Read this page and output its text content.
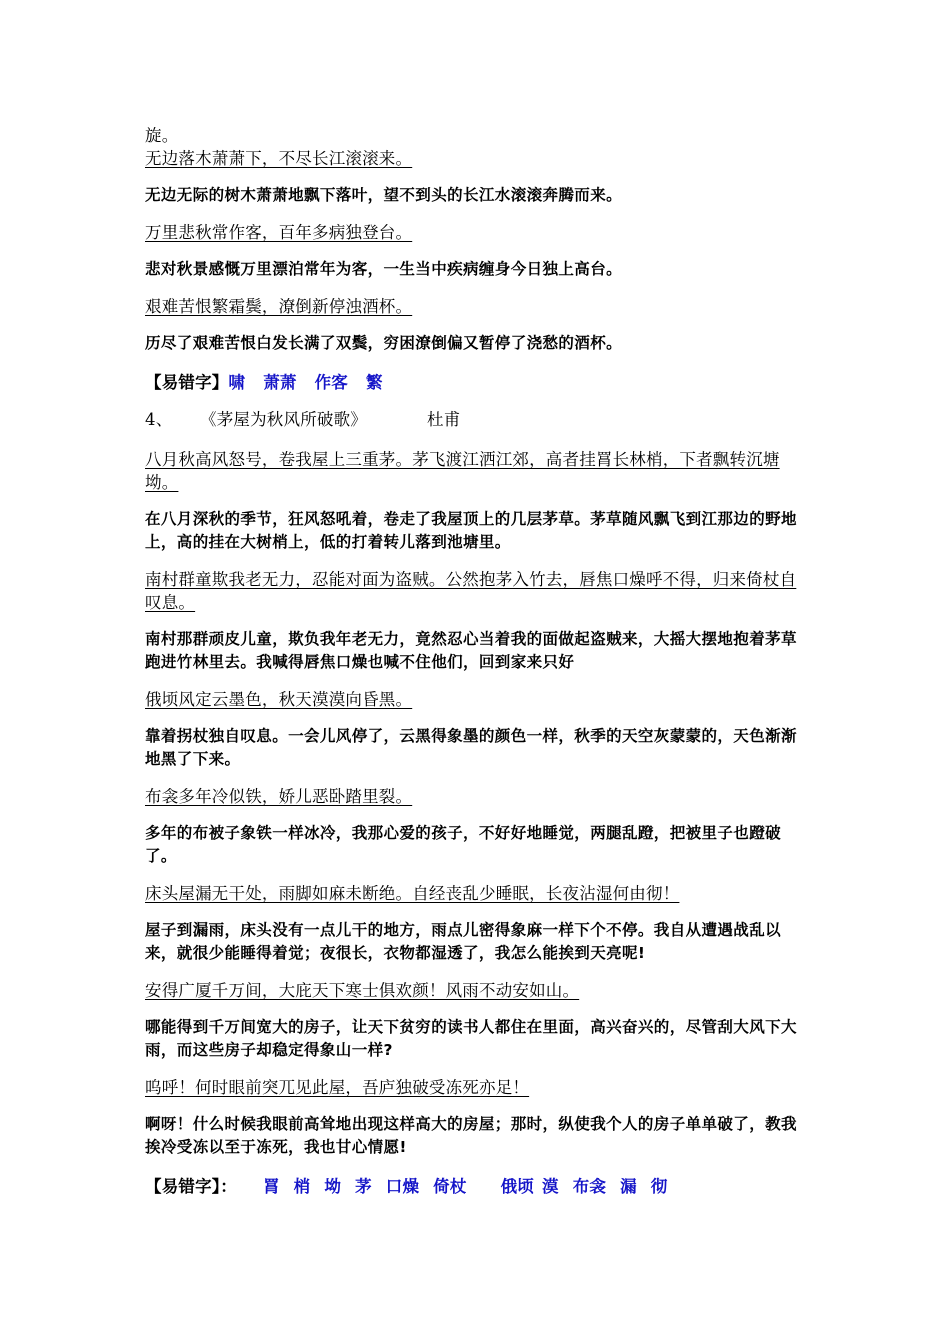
旋。
无边落木萧萧下，不尽长江滚滚来。
无边无际的树木萧萧地飘下落叶，望不到头的长江水滚滚奔腾而来。
万里悲秋常作客，百年多病独登台。
悲对秋景感慨万里漂泊常年为客，一生当中疾病缠身今日独上高台。
艰难苦恨繁霜鬓，潦倒新停浊酒杯。
历尽了艰难苦恨白发长满了双鬓，穷困潦倒偏又暂停了浇愁的酒杯。
【易错字】啸 萧萧 作客 繁
4、	《茅屋为秋风所破歌》	杜甫
八月秋高风怒号，卷我屋上三重茅。茅飞渡江洒江郊，高者挂罥长林梢，下者飘转沉塘坳。
在八月深秋的季节，狂风怒吼着，卷走了我屋顶上的几层茅草。茅草随风飘飞到江那边的野地上，高的挂在大树梢上，低的打着转儿落到池塘里。
南村群童欺我老无力，忍能对面为盗贼。公然抱茅入竹去，唇焦口燥呼不得，归来倚杖自叹息。
南村那群顽皮儿童，欺负我年老无力，竟然忍心当着我的面做起盗贼来，大摇大摆地抱着茅草跑进竹林里去。我喊得唇焦口燥也喊不住他们，回到家来只好
俄顷风定云墨色，秋天漠漠向昏黑。
靠着拐杖独自叹息。一会儿风停了，云黑得象墨的颜色一样，秋季的天空灰蒙蒙的，天色渐渐地黑了下来。
布衾多年冷似铁，娇儿恶卧踏里裂。
多年的布被子象铁一样冰冷，我那心爱的孩子，不好好地睡觉，两腿乱蹬，把被里子也蹬破了。
床头屋漏无干处，雨脚如麻未断绝。自经丧乱少睡眠，长夜沾湿何由彻！
屋子到漏雨，床头没有一点儿干的地方，雨点儿密得象麻一样下个不停。我自从遭遇战乱以来，就很少能睡得着觉；夜很长，衣物都湿透了，我怎么能挨到天亮呢!
安得广厦千万间，大庇天下寒士俱欢颜！风雨不动安如山。
哪能得到千万间宽大的房子，让天下贫穷的读书人都住在里面，高兴奋兴的，尽管刮大风下大雨，而这些房子却稳定得象山一样?
呜呼！何时眼前突兀见此屋，吾庐独破受冻死亦足！
啊呀！什么时候我眼前高耸地出现这样高大的房屋；那时，纵使我个人的房子单单破了，教我挨冷受冻以至于冻死，我也甘心情愿!
【易错字】： 罥 梢 坳 茅 口燥 倚杖 俄顷 漠 布衾 漏 彻
